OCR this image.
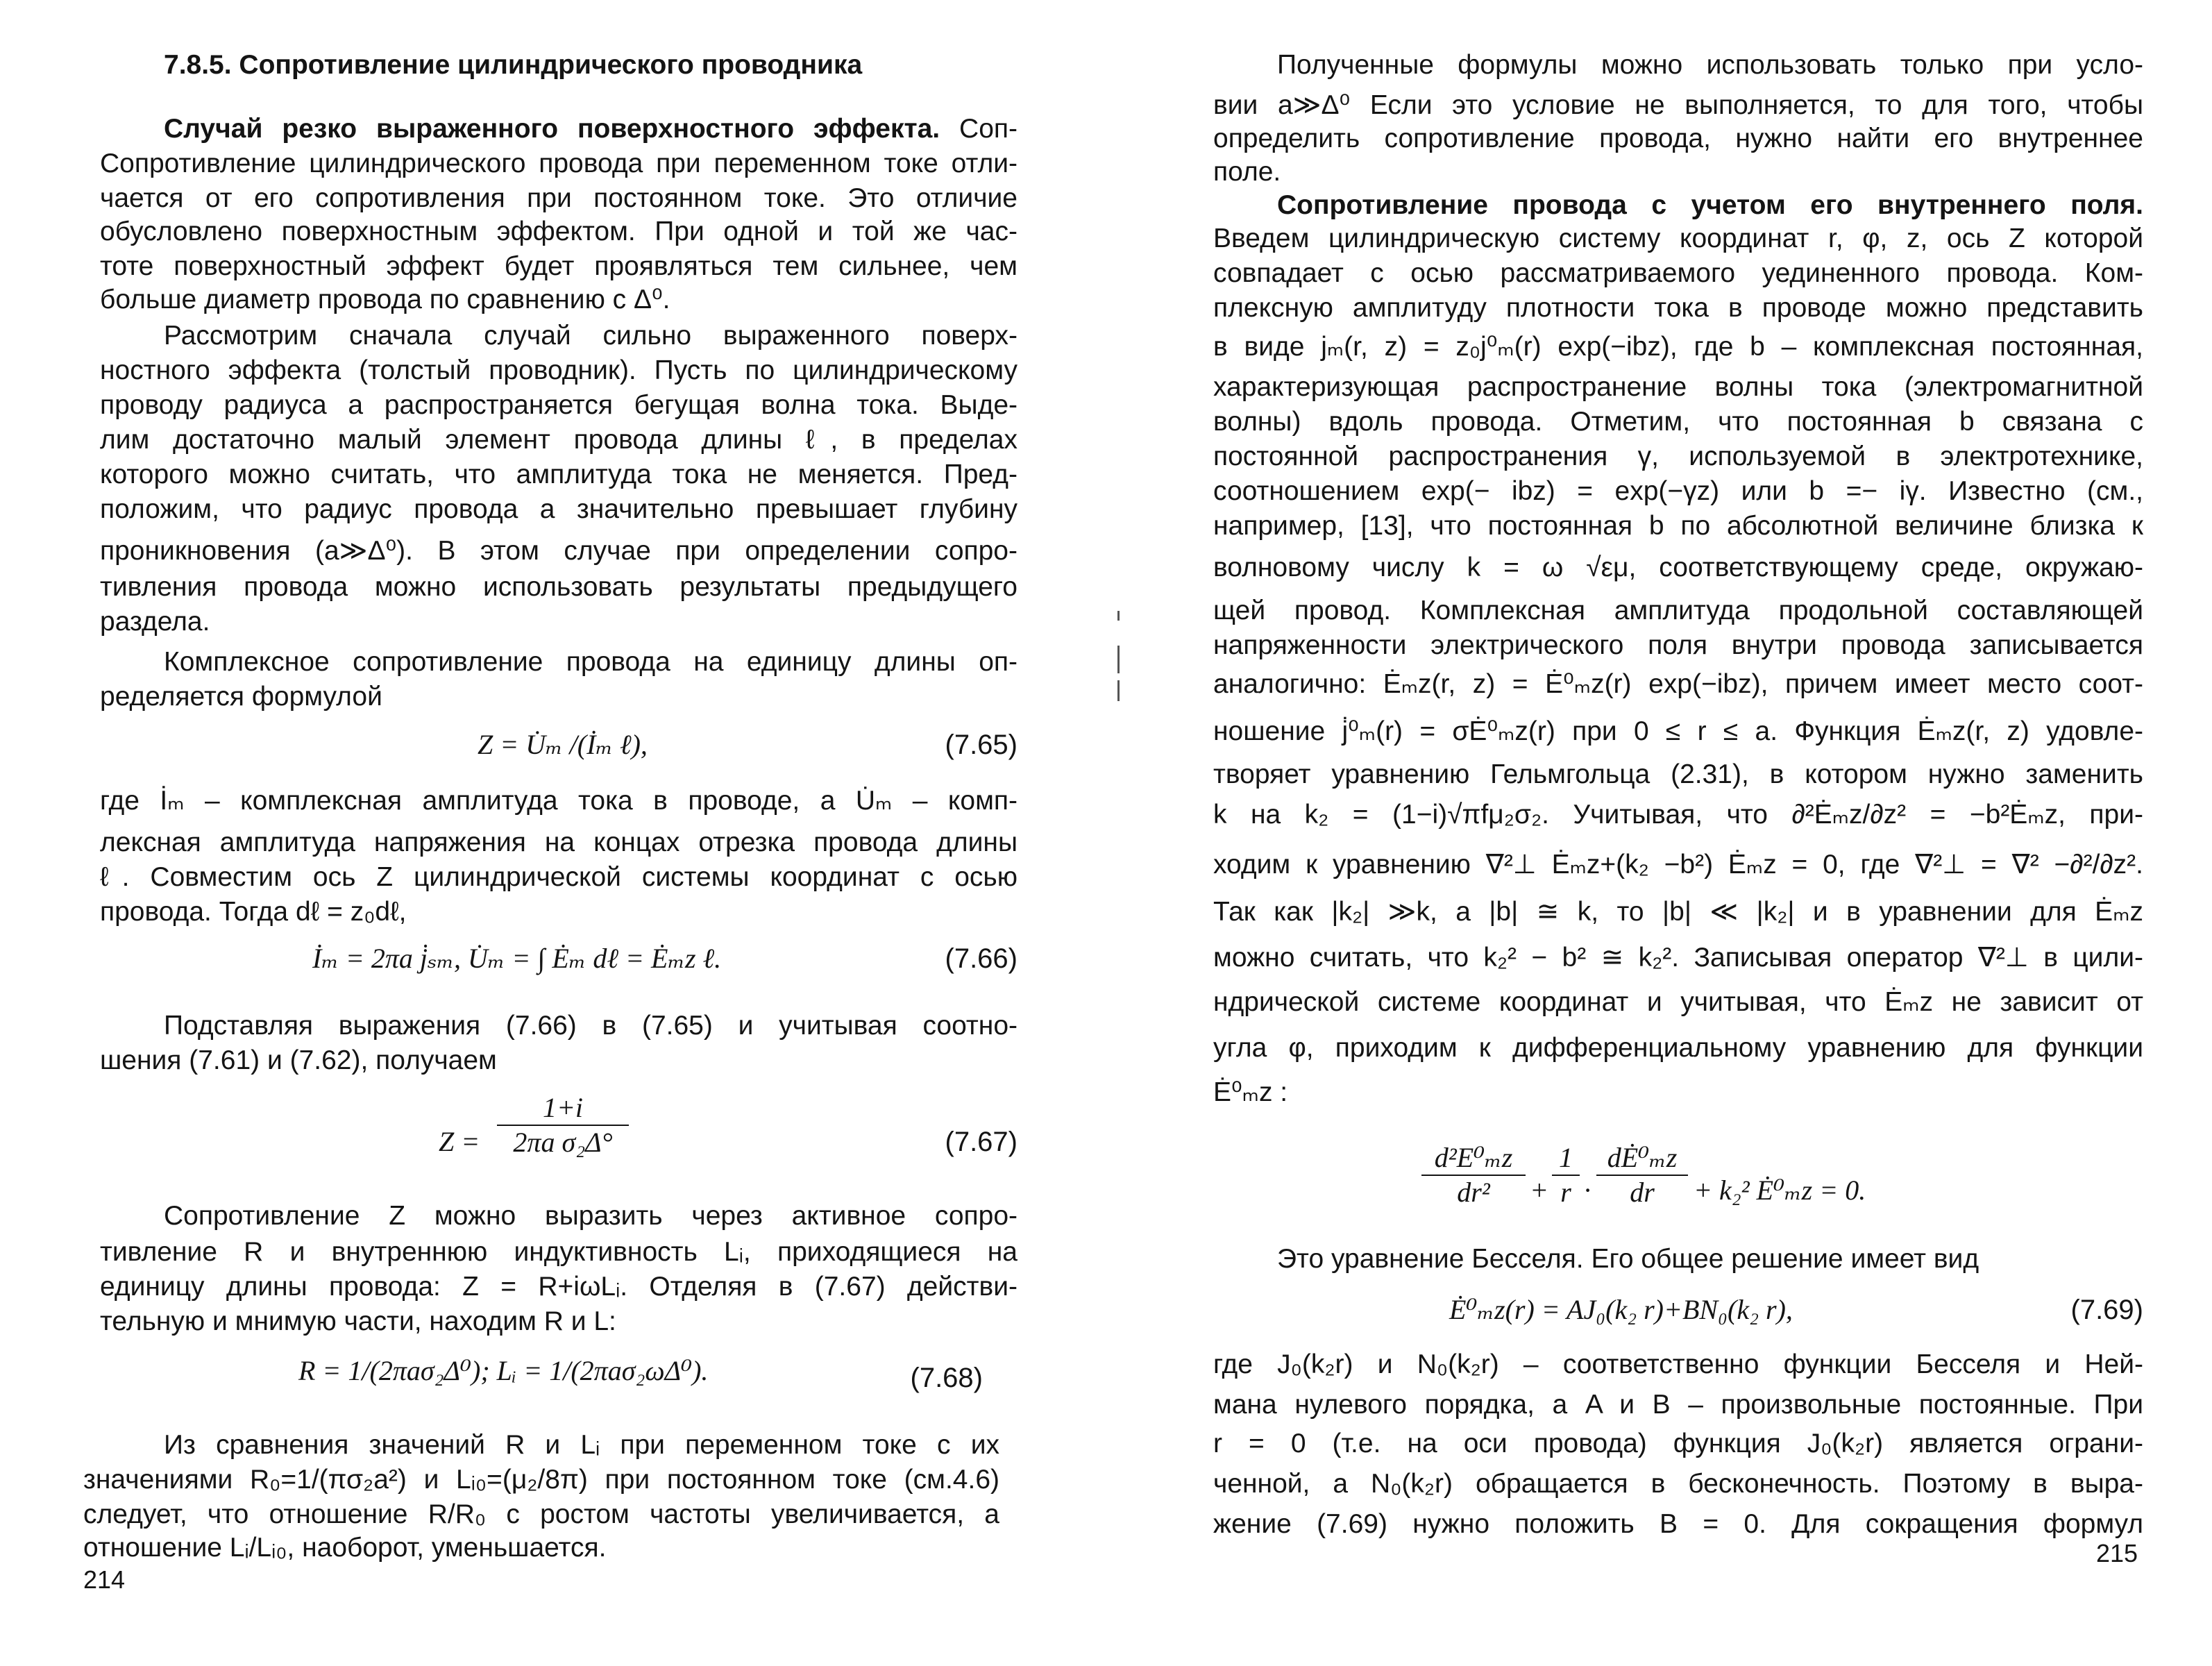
7.8.5. Сопротивление цилиндрического проводника
Случай резко выраженного поверхностного эффекта. Соп-
Сопротивление цилиндрического провода при переменном токе отли-
чается от его сопротивления при постоянном токе. Это отличие
обусловлено поверхностным эффектом. При одной и той же час-
тоте поверхностный эффект будет проявляться тем сильнее, чем
больше диаметр провода по сравнению с Δ⁰.
Рассмотрим сначала случай сильно выраженного поверх-
ностного эффекта (толстый проводник). Пусть по цилиндрическому
проводу радиуса a распространяется бегущая волна тока. Выде-
лим достаточно малый элемент провода длины ℓ, в пределах
которого можно считать, что амплитуда тока не меняется. Пред-
положим, что радиус провода a значительно превышает глубину
проникновения (a≫Δ⁰). В этом случае при определении сопро-
тивления провода можно использовать результаты предыдущего
раздела.
Комплексное сопротивление провода на единицу длины оп-
ределяется формулой
Z = U̇ₘ /(İₘ ℓ),	(7.65)
где İₘ – комплексная амплитуда тока в проводе, а U̇ₘ – комп-
лексная амплитуда напряжения на концах отрезка провода длины
ℓ. Совместим ось Z цилиндрической системы координат с осью
провода. Тогда dℓ = z₀dℓ,
İₘ = 2πa j̇ₛₘ, U̇ₘ = ∫ Ėₘ dℓ = Ėₘz ℓ.	(7.66)
Подставляя выражения (7.66) в (7.65) и учитывая соотно-
шения (7.61) и (7.62), получаем
$Z = \frac{1+i}{\text{2πa σ₂Δ°}}$	(7.67)
Сопротивление Z можно выразить через активное сопро-
тивление R и внутреннюю индуктивность Lᵢ, приходящиеся на
единицу длины провода: Z = R+iωLᵢ. Отделяя в (7.67) действи-
тельную и мнимую части, находим R и L:
R = 1/(2πaσ₂Δ⁰); Lᵢ = 1/(2πaσ₂ωΔ⁰).	(7.68)
Из сравнения значений R и Lᵢ при переменном токе с их
значениями R₀=1/(πσ₂a²) и Lᵢ₀=(μ₂/8π) при постоянном токе (см.4.6)
следует, что отношение R/R₀ с ростом частоты увеличивается, а
отношение Lᵢ/Lᵢ₀, наоборот, уменьшается.
214
Полученные формулы можно использовать только при усло-
вии a≫Δ⁰ Если это условие не выполняется, то для того, чтобы
определить сопротивление провода, нужно найти его внутреннее
поле.
Сопротивление провода с учетом его внутреннего поля.
Введем цилиндрическую систему координат r, φ, z, ось Z которой
совпадает с осью рассматриваемого уединенного провода. Ком-
плексную амплитуду плотности тока в проводе можно представить
в виде jₘ(r, z) = z₀j⁰ₘ(r) exp(−ibz), где b – комплексная постоянная,
характеризующая распространение волны тока (электромагнитной
волны) вдоль провода. Отметим, что постоянная b связана с
постоянной распространения γ, используемой в электротехнике,
соотношением exp(− ibz) = exp(−γz) или b =− iγ. Известно (см.,
например, [13], что постоянная b по абсолютной величине близка к
волновому числу k = ω √εμ, соответствующему среде, окружаю-
щей провод. Комплексная амплитуда продольной составляющей
напряженности электрического поля внутри провода записывается
аналогично: Ėₘz(r, z) = Ė⁰ₘz(r) exp(−ibz), причем имеет место соот-
ношение j̇⁰ₘ(r) = σĖ⁰ₘz(r) при 0 ≤ r ≤ a. Функция Ėₘz(r, z) удовле-
творяет уравнению Гельмгольца (2.31), в котором нужно заменить
k на k₂ = (1−i)√πfμ₂σ₂. Учитывая, что ∂²Ėₘz/∂z² = −b²Ėₘz, при-
ходим к уравнению ∇²⊥ Ėₘz+(k₂ −b²) Ėₘz = 0, где ∇²⊥ = ∇² −∂²/∂z².
Так как |k₂| ≫k, а |b| ≅ k, то |b| ≪ |k₂| и в уравнении для Ėₘz
можно считать, что k₂² − b² ≅ k₂². Записывая оператор ∇²⊥ в цили-
ндрической системе координат и учитывая, что Ėₘz не зависит от
угла φ, приходим к дифференциальному уравнению для функции
Ė⁰ₘz :
$\frac{\text{d²E⁰ₘz}}{\text{dr²}} + \frac{1}{r} \cdot \frac{\text{dĖ⁰ₘz}}{dr} + k_2^2$ Ė⁰ₘz = 0.
Это уравнение Бесселя. Его общее решение имеет вид
Ė⁰ₘz(r) = AJ₀(k₂ r)+BN₀(k₂ r),	(7.69)
где J₀(k₂r) и N₀(k₂r) – соответственно функции Бесселя и Ней-
мана нулевого порядка, а A и B – произвольные постоянные. При
r = 0 (т.е. на оси провода) функция J₀(k₂r) является ограни-
ченной, а N₀(k₂r) обращается в бесконечность. Поэтому в выра-
жение (7.69) нужно положить B = 0. Для сокращения формул
215
